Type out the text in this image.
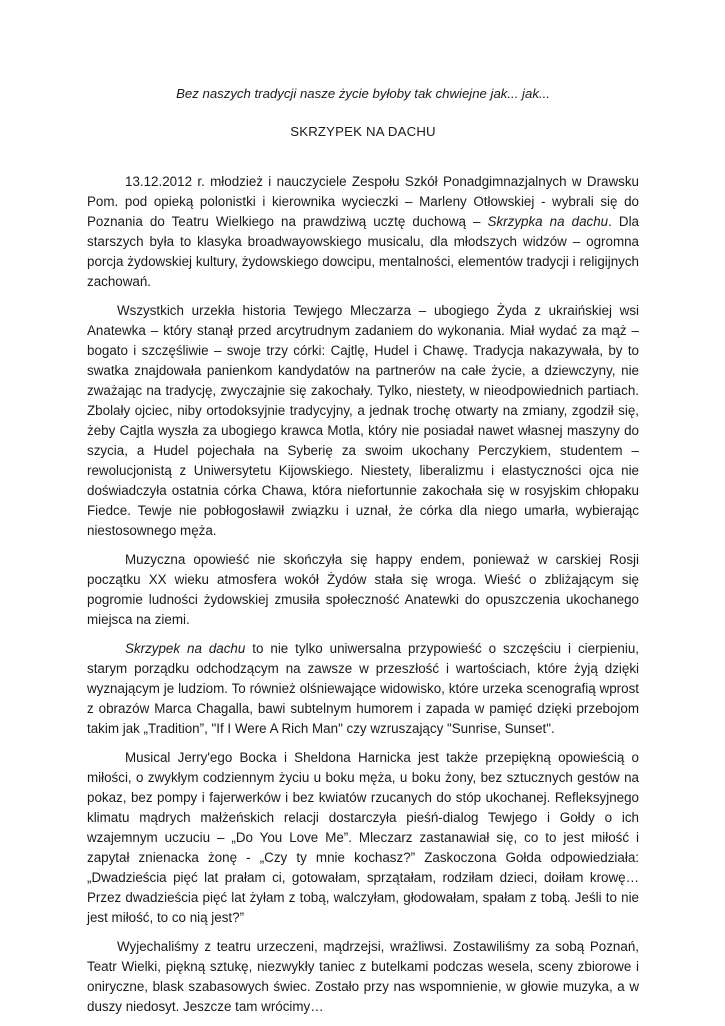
Bez naszych tradycji nasze życie byłoby tak chwiejne jak... jak...

SKRZYPEK NA DACHU

13.12.2012 r. młodzież i nauczyciele Zespołu Szkół Ponadgimnazjalnych w Drawsku Pom. pod opieką polonistki i kierownika wycieczki – Marleny Otłowskiej - wybrali się do Poznania do Teatru Wielkiego na prawdziwą ucztę duchową – Skrzypka na dachu. Dla starszych była to klasyka broadwayowskiego musicalu, dla młodszych widzów – ogromna porcja żydowskiej kultury, żydowskiego dowcipu, mentalności, elementów tradycji i religijnych zachowań.

Wszystkich urzekła historia Tewjego Mleczarza – ubogiego Żyda z ukraińskiej wsi Anatewka – który stanął przed arcytrudnym zadaniem do wykonania. Miał wydać za mąż – bogato i szczęśliwie – swoje trzy córki: Cajtlę, Hudel i Chawę. Tradycja nakazywała, by to swatka znajdowała panienkom kandydatów na partnerów na całe życie, a dziewczyny, nie zważając na tradycję, zwyczajnie się zakochały. Tylko, niestety, w nieodpowiednich partiach. Zbolały ojciec, niby ortodoksyjnie tradycyjny, a jednak trochę otwarty na zmiany, zgodził się, żeby Cajtla wyszła za ubogiego krawca Motla, który nie posiadał nawet własnej maszyny do szycia, a Hudel pojechała na Syberię za swoim ukochany Perczykiem, studentem – rewolucjonistą z Uniwersytetu Kijowskiego. Niestety, liberalizmu i elastyczności ojca nie doświadczyła ostatnia córka Chawa, która niefortunnie zakochała się w rosyjskim chłopaku Fiedce. Tewje nie pobłogosławił związku i uznał, że córka dla niego umarła, wybierając niestosownego męża.

Muzyczna opowieść nie skończyła się happy endem, ponieważ w carskiej Rosji początku XX wieku atmosfera wokół Żydów stała się wroga. Wieść o zbliżającym się pogromie ludności żydowskiej zmusiła społeczność Anatewki do opuszczenia ukochanego miejsca na ziemi.

Skrzypek na dachu to nie tylko uniwersalna przypowieść o szczęściu i cierpieniu, starym porządku odchodzącym na zawsze w przeszłość i wartościach, które żyją dzięki wyznającym je ludziom. To również olśniewające widowisko, które urzeka scenografią wprost z obrazów Marca Chagalla, bawi subtelnym humorem i zapada w pamięć dzięki przebojom takim jak „Tradition”, "If I Were A Rich Man" czy wzruszający "Sunrise, Sunset".

Musical Jerry'ego Bocka i Sheldona Harnicka jest także przepiękną opowieścią o miłości, o zwykłym codziennym życiu u boku męża, u boku żony, bez sztucznych gestów na pokaz, bez pompy i fajerwerków i bez kwiatów rzucanych do stóp ukochanej. Refleksyjnego klimatu mądrych małżeńskich relacji dostarczyła pieśń-dialog Tewjego i Gołdy o ich wzajemnym uczuciu – „Do You Love Me”. Mleczarz zastanawiał się, co to jest miłość i zapytał znienacka żonę - „Czy ty mnie kochasz?” Zaskoczona Gołda odpowiedziała: „Dwadzieścia pięć lat prałam ci, gotowałam, sprzątałam, rodziłam dzieci, doiłam krowę… Przez dwadzieścia pięć lat żyłam z tobą, walczyłam, głodowałam, spałam z tobą. Jeśli to nie jest miłość, to co nią jest?”

Wyjechaliśmy z teatru urzeczeni, mądrzejsi, wrażliwsi. Zostawiliśmy za sobą Poznań, Teatr Wielki, piękną sztukę, niezwykły taniec z butelkami podczas wesela, sceny zbiorowe i oniryczne, blask szabasowych świec. Zostało przy nas wspomnienie, w głowie muzyka, a w duszy niedosyt. Jeszcze tam wrócimy…
